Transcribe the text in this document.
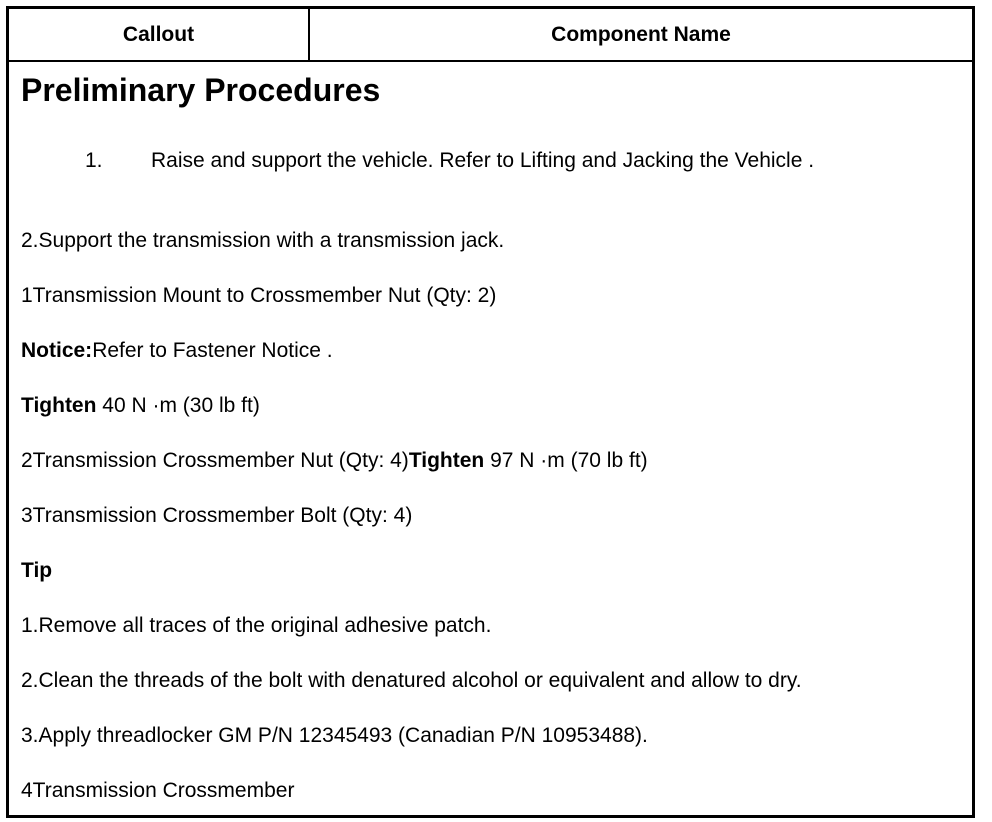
Callout	Component Name
Preliminary Procedures
1. Raise and support the vehicle. Refer to Lifting and Jacking the Vehicle .
2.Support the transmission with a transmission jack.
1Transmission Mount to Crossmember Nut (Qty: 2)
Notice:Refer to Fastener Notice .
Tighten 40 N ·m (30 lb ft)
2Transmission Crossmember Nut (Qty: 4)Tighten 97 N ·m (70 lb ft)
3Transmission Crossmember Bolt (Qty: 4)
Tip
1.Remove all traces of the original adhesive patch.
2.Clean the threads of the bolt with denatured alcohol or equivalent and allow to dry.
3.Apply threadlocker GM P/N 12345493 (Canadian P/N 10953488).
4Transmission Crossmember
